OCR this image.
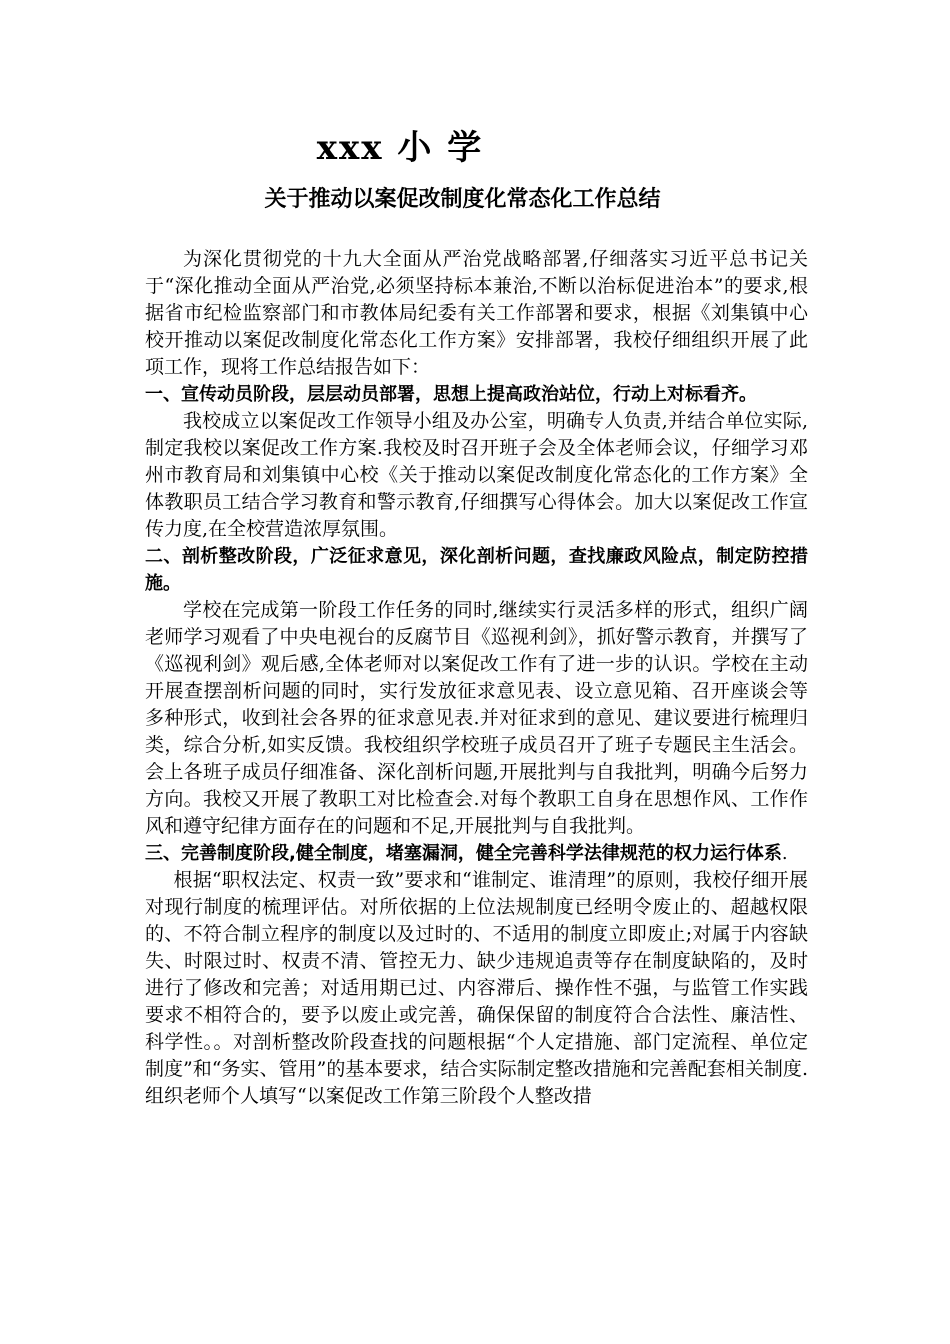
xxx 小 学
关于推动以案促改制度化常态化工作总结

为深化贯彻党的十九大全面从严治党战略部署,仔细落实习近平总书记关于“深化推动全面从严治党,必须坚持标本兼治,不断以治标促进治本”的要求,根据省市纪检监察部门和市教体局纪委有关工作部署和要求，根据《刘集镇中心校开推动以案促改制度化常态化工作方案》安排部署，我校仔细组织开展了此项工作，现将工作总结报告如下：

一、宣传动员阶段，层层动员部署，思想上提高政治站位，行动上对标看齐。

我校成立以案促改工作领导小组及办公室，明确专人负责,并结合单位实际,制定我校以案促改工作方案.我校及时召开班子会及全体老师会议，仔细学习邓州市教育局和刘集镇中心校《关于推动以案促改制度化常态化的工作方案》全体教职员工结合学习教育和警示教育,仔细撰写心得体会。加大以案促改工作宣传力度,在全校营造浓厚氛围。

二、剖析整改阶段，广泛征求意见，深化剖析问题，查找廉政风险点，制定防控措施。

学校在完成第一阶段工作任务的同时,继续实行灵活多样的形式，组织广阔老师学习观看了中央电视台的反腐节目《巡视利剑》，抓好警示教育，并撰写了《巡视利剑》观后感,全体老师对以案促改工作有了进一步的认识。学校在主动开展查摆剖析问题的同时，实行发放征求意见表、设立意见箱、召开座谈会等多种形式，收到社会各界的征求意见表.并对征求到的意见、建议要进行梳理归类，综合分析,如实反馈。我校组织学校班子成员召开了班子专题民主生活会。会上各班子成员仔细准备、深化剖析问题,开展批判与自我批判，明确今后努力方向。我校又开展了教职工对比检查会.对每个教职工自身在思想作风、工作作风和遵守纪律方面存在的问题和不足,开展批判与自我批判。

三、完善制度阶段,健全制度，堵塞漏洞，健全完善科学法律规范的权力运行体系.

根据“职权法定、权责一致”要求和“谁制定、谁清理”的原则，我校仔细开展对现行制度的梳理评估。对所依据的上位法规制度已经明令废止的、超越权限的、不符合制立程序的制度以及过时的、不适用的制度立即废止;对属于内容缺失、时限过时、权责不清、管控无力、缺少违规追责等存在制度缺陷的，及时进行了修改和完善；对适用期已过、内容滞后、操作性不强，与监管工作实践要求不相符合的，要予以废止或完善，确保保留的制度符合合法性、廉洁性、科学性。。对剖析整改阶段查找的问题根据“个人定措施、部门定流程、单位定制度”和“务实、管用”的基本要求，结合实际制定整改措施和完善配套相关制度.组织老师个人填写“以案促改工作第三阶段个人整改措
